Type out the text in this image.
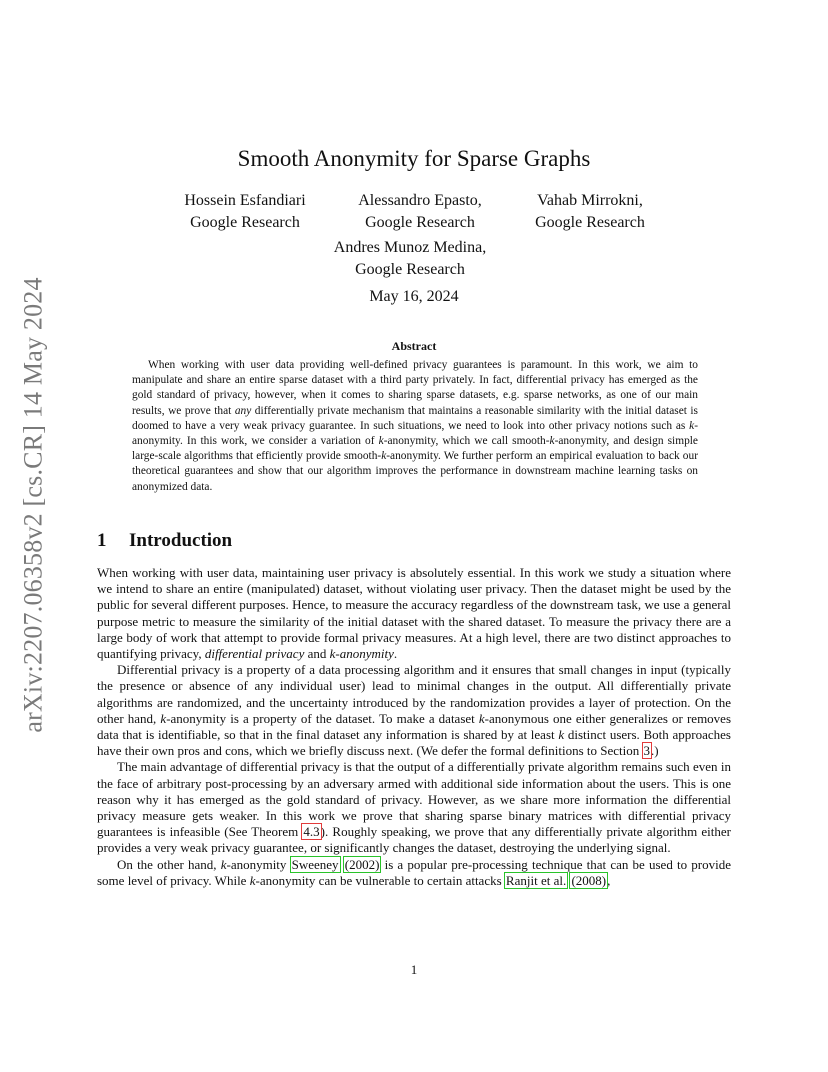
arXiv:2207.06358v2 [cs.CR] 14 May 2024
Smooth Anonymity for Sparse Graphs
Hossein Esfandiari
Google Research
Alessandro Epasto,
Google Research
Vahab Mirrokni,
Google Research
Andres Munoz Medina,
Google Research
May 16, 2024
Abstract

When working with user data providing well-defined privacy guarantees is paramount. In this work, we aim to manipulate and share an entire sparse dataset with a third party privately. In fact, differential privacy has emerged as the gold standard of privacy, however, when it comes to sharing sparse datasets, e.g. sparse networks, as one of our main results, we prove that any differentially private mechanism that maintains a reasonable similarity with the initial dataset is doomed to have a very weak privacy guarantee. In such situations, we need to look into other privacy notions such as k-anonymity. In this work, we consider a variation of k-anonymity, which we call smooth-k-anonymity, and design simple large-scale algorithms that efficiently provide smooth-k-anonymity. We further perform an empirical evaluation to back our theoretical guarantees and show that our algorithm improves the performance in downstream machine learning tasks on anonymized data.

1 Introduction

When working with user data, maintaining user privacy is absolutely essential. In this work we study a situation where we intend to share an entire (manipulated) dataset, without violating user privacy. Then the dataset might be used by the public for several different purposes. Hence, to measure the accuracy regardless of the downstream task, we use a general purpose metric to measure the similarity of the initial dataset with the shared dataset. To measure the privacy there are a large body of work that attempt to provide formal privacy measures. At a high level, there are two distinct approaches to quantifying privacy, differential privacy and k-anonymity.

Differential privacy is a property of a data processing algorithm and it ensures that small changes in input (typically the presence or absence of any individual user) lead to minimal changes in the output. All differentially private algorithms are randomized, and the uncertainty introduced by the randomization provides a layer of protection. On the other hand, k-anonymity is a property of the dataset. To make a dataset k-anonymous one either generalizes or removes data that is identifiable, so that in the final dataset any information is shared by at least k distinct users. Both approaches have their own pros and cons, which we briefly discuss next. (We defer the formal definitions to Section 3.)

The main advantage of differential privacy is that the output of a differentially private algorithm remains such even in the face of arbitrary post-processing by an adversary armed with additional side information about the users. This is one reason why it has emerged as the gold standard of privacy. However, as we share more information the differential privacy measure gets weaker. In this work we prove that sharing sparse binary matrices with differential privacy guarantees is infeasible (See Theorem 4.3). Roughly speaking, we prove that any differentially private algorithm either provides a very weak privacy guarantee, or significantly changes the dataset, destroying the underlying signal.

On the other hand, k-anonymity Sweeney (2002) is a popular pre-processing technique that can be used to provide some level of privacy. While k-anonymity can be vulnerable to certain attacks Ranjit et al. (2008),

1
